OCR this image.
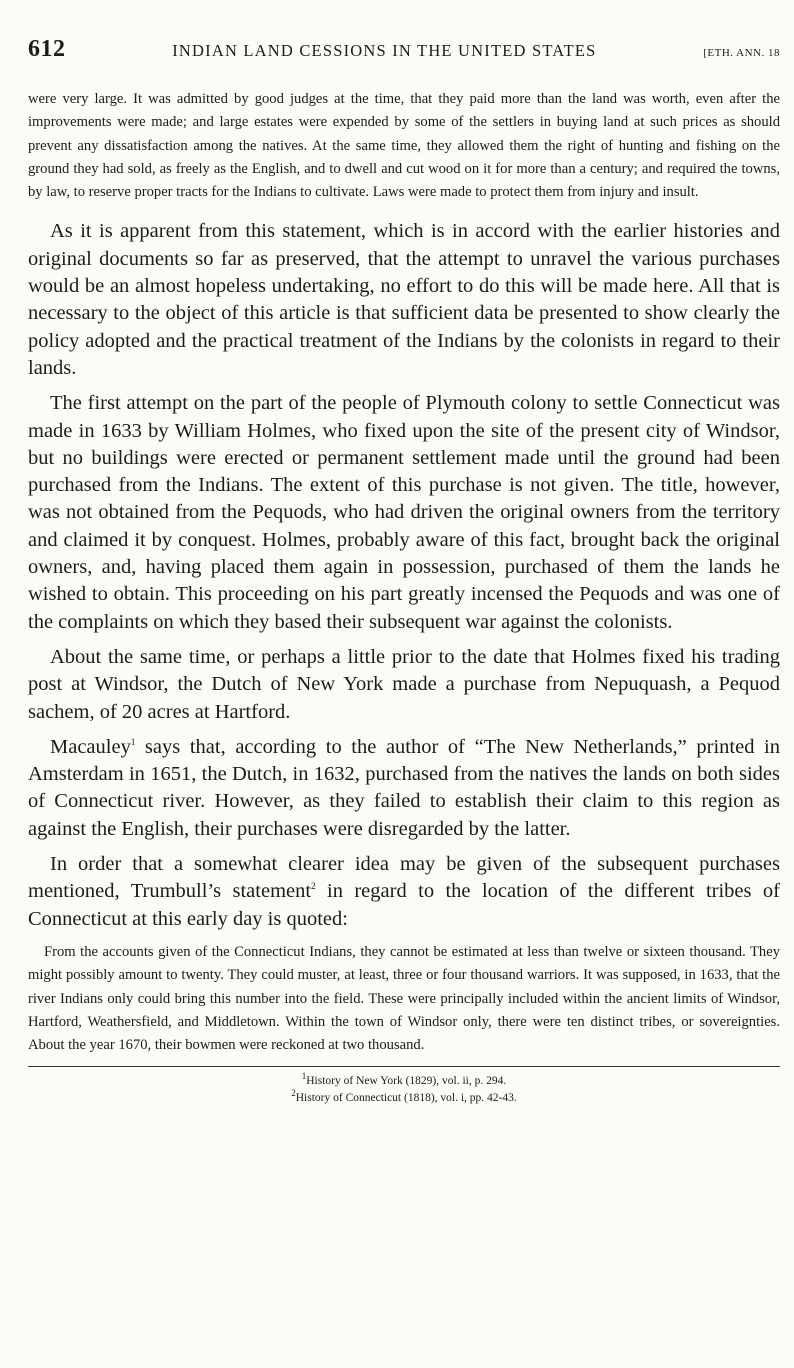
612	INDIAN LAND CESSIONS IN THE UNITED STATES	[ETH. ANN. 18
were very large. It was admitted by good judges at the time, that they paid more than the land was worth, even after the improvements were made; and large estates were expended by some of the settlers in buying land at such prices as should prevent any dissatisfaction among the natives. At the same time, they allowed them the right of hunting and fishing on the ground they had sold, as freely as the English, and to dwell and cut wood on it for more than a century; and required the towns, by law, to reserve proper tracts for the Indians to cultivate. Laws were made to protect them from injury and insult.

As it is apparent from this statement, which is in accord with the earlier histories and original documents so far as preserved, that the attempt to unravel the various purchases would be an almost hopeless undertaking, no effort to do this will be made here. All that is necessary to the object of this article is that sufficient data be presented to show clearly the policy adopted and the practical treatment of the Indians by the colonists in regard to their lands.

The first attempt on the part of the people of Plymouth colony to settle Connecticut was made in 1633 by William Holmes, who fixed upon the site of the present city of Windsor, but no buildings were erected or permanent settlement made until the ground had been purchased from the Indians. The extent of this purchase is not given. The title, however, was not obtained from the Pequods, who had driven the original owners from the territory and claimed it by conquest. Holmes, probably aware of this fact, brought back the original owners, and, having placed them again in possession, purchased of them the lands he wished to obtain. This proceeding on his part greatly incensed the Pequods and was one of the complaints on which they based their subsequent war against the colonists.

About the same time, or perhaps a little prior to the date that Holmes fixed his trading post at Windsor, the Dutch of New York made a purchase from Nepuquash, a Pequod sachem, of 20 acres at Hartford.

Macauley$^1$ says that, according to the author of “The New Netherlands,” printed in Amsterdam in 1651, the Dutch, in 1632, purchased from the natives the lands on both sides of Connecticut river. However, as they failed to establish their claim to this region as against the English, their purchases were disregarded by the latter.

In order that a somewhat clearer idea may be given of the subsequent purchases mentioned, Trumbull’s statement$^2$ in regard to the location of the different tribes of Connecticut at this early day is quoted:

From the accounts given of the Connecticut Indians, they cannot be estimated at less than twelve or sixteen thousand. They might possibly amount to twenty. They could muster, at least, three or four thousand warriors. It was supposed, in 1633, that the river Indians only could bring this number into the field. These were principally included within the ancient limits of Windsor, Hartford, Weathersfield, and Middletown. Within the town of Windsor only, there were ten distinct tribes, or sovereignties. About the year 1670, their bowmen were reckoned at two thousand.
$^1$History of New York (1829), vol. ii, p. 294.
$^2$History of Connecticut (1818), vol. i, pp. 42-43.
